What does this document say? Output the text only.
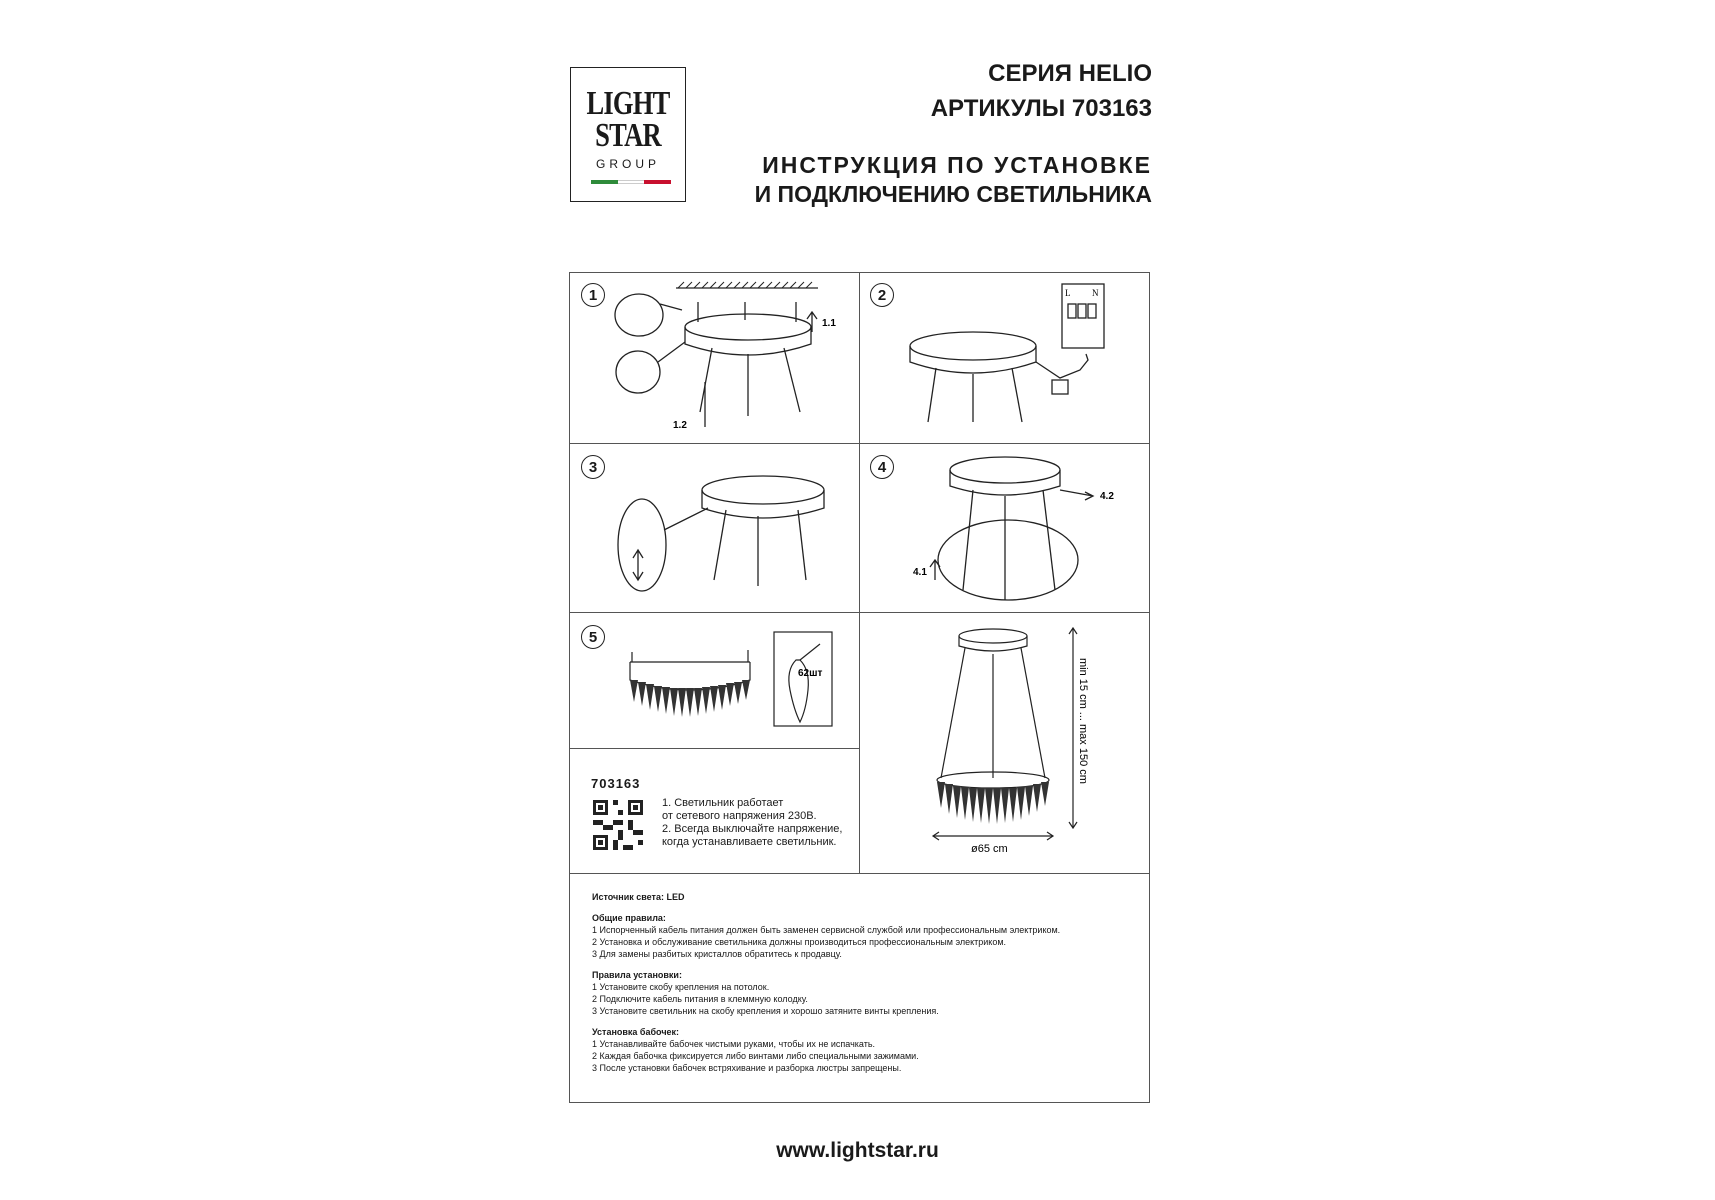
LIGHT
STAR
GROUP
СЕРИЯ HELIO
АРТИКУЛЫ 703163
ИНСТРУКЦИЯ ПО УСТАНОВКЕ
И ПОДКЛЮЧЕНИЮ СВЕТИЛЬНИКА
1	2
3	4
5
1.1
1.2
L N
4.2
4.1
62шт	min 15 cm ... max 150 cm
ø65 cm
703163
1. Светильник работает
от сетевого напряжения 230В.
2. Всегда выключайте напряжение,
когда устанавливаете светильник.
Источник света: LED
Общие правила:
1 Испорченный кабель питания должен быть заменен сервисной службой или профессиональным электриком.
2 Установка и обслуживание светильника должны производиться профессиональным электриком.
3 Для замены разбитых кристаллов обратитесь к продавцу.
Правила установки:
1 Установите скобу крепления на потолок.
2 Подключите кабель питания в клеммную колодку.
3 Установите светильник на скобу крепления и хорошо затяните винты крепления.
Установка бабочек:
1 Устанавливайте бабочек чистыми руками, чтобы их не испачкать.
2 Каждая бабочка фиксируется либо винтами либо специальными зажимами.
3 После установки бабочек встряхивание и разборка люстры запрещены.
www.lightstar.ru
